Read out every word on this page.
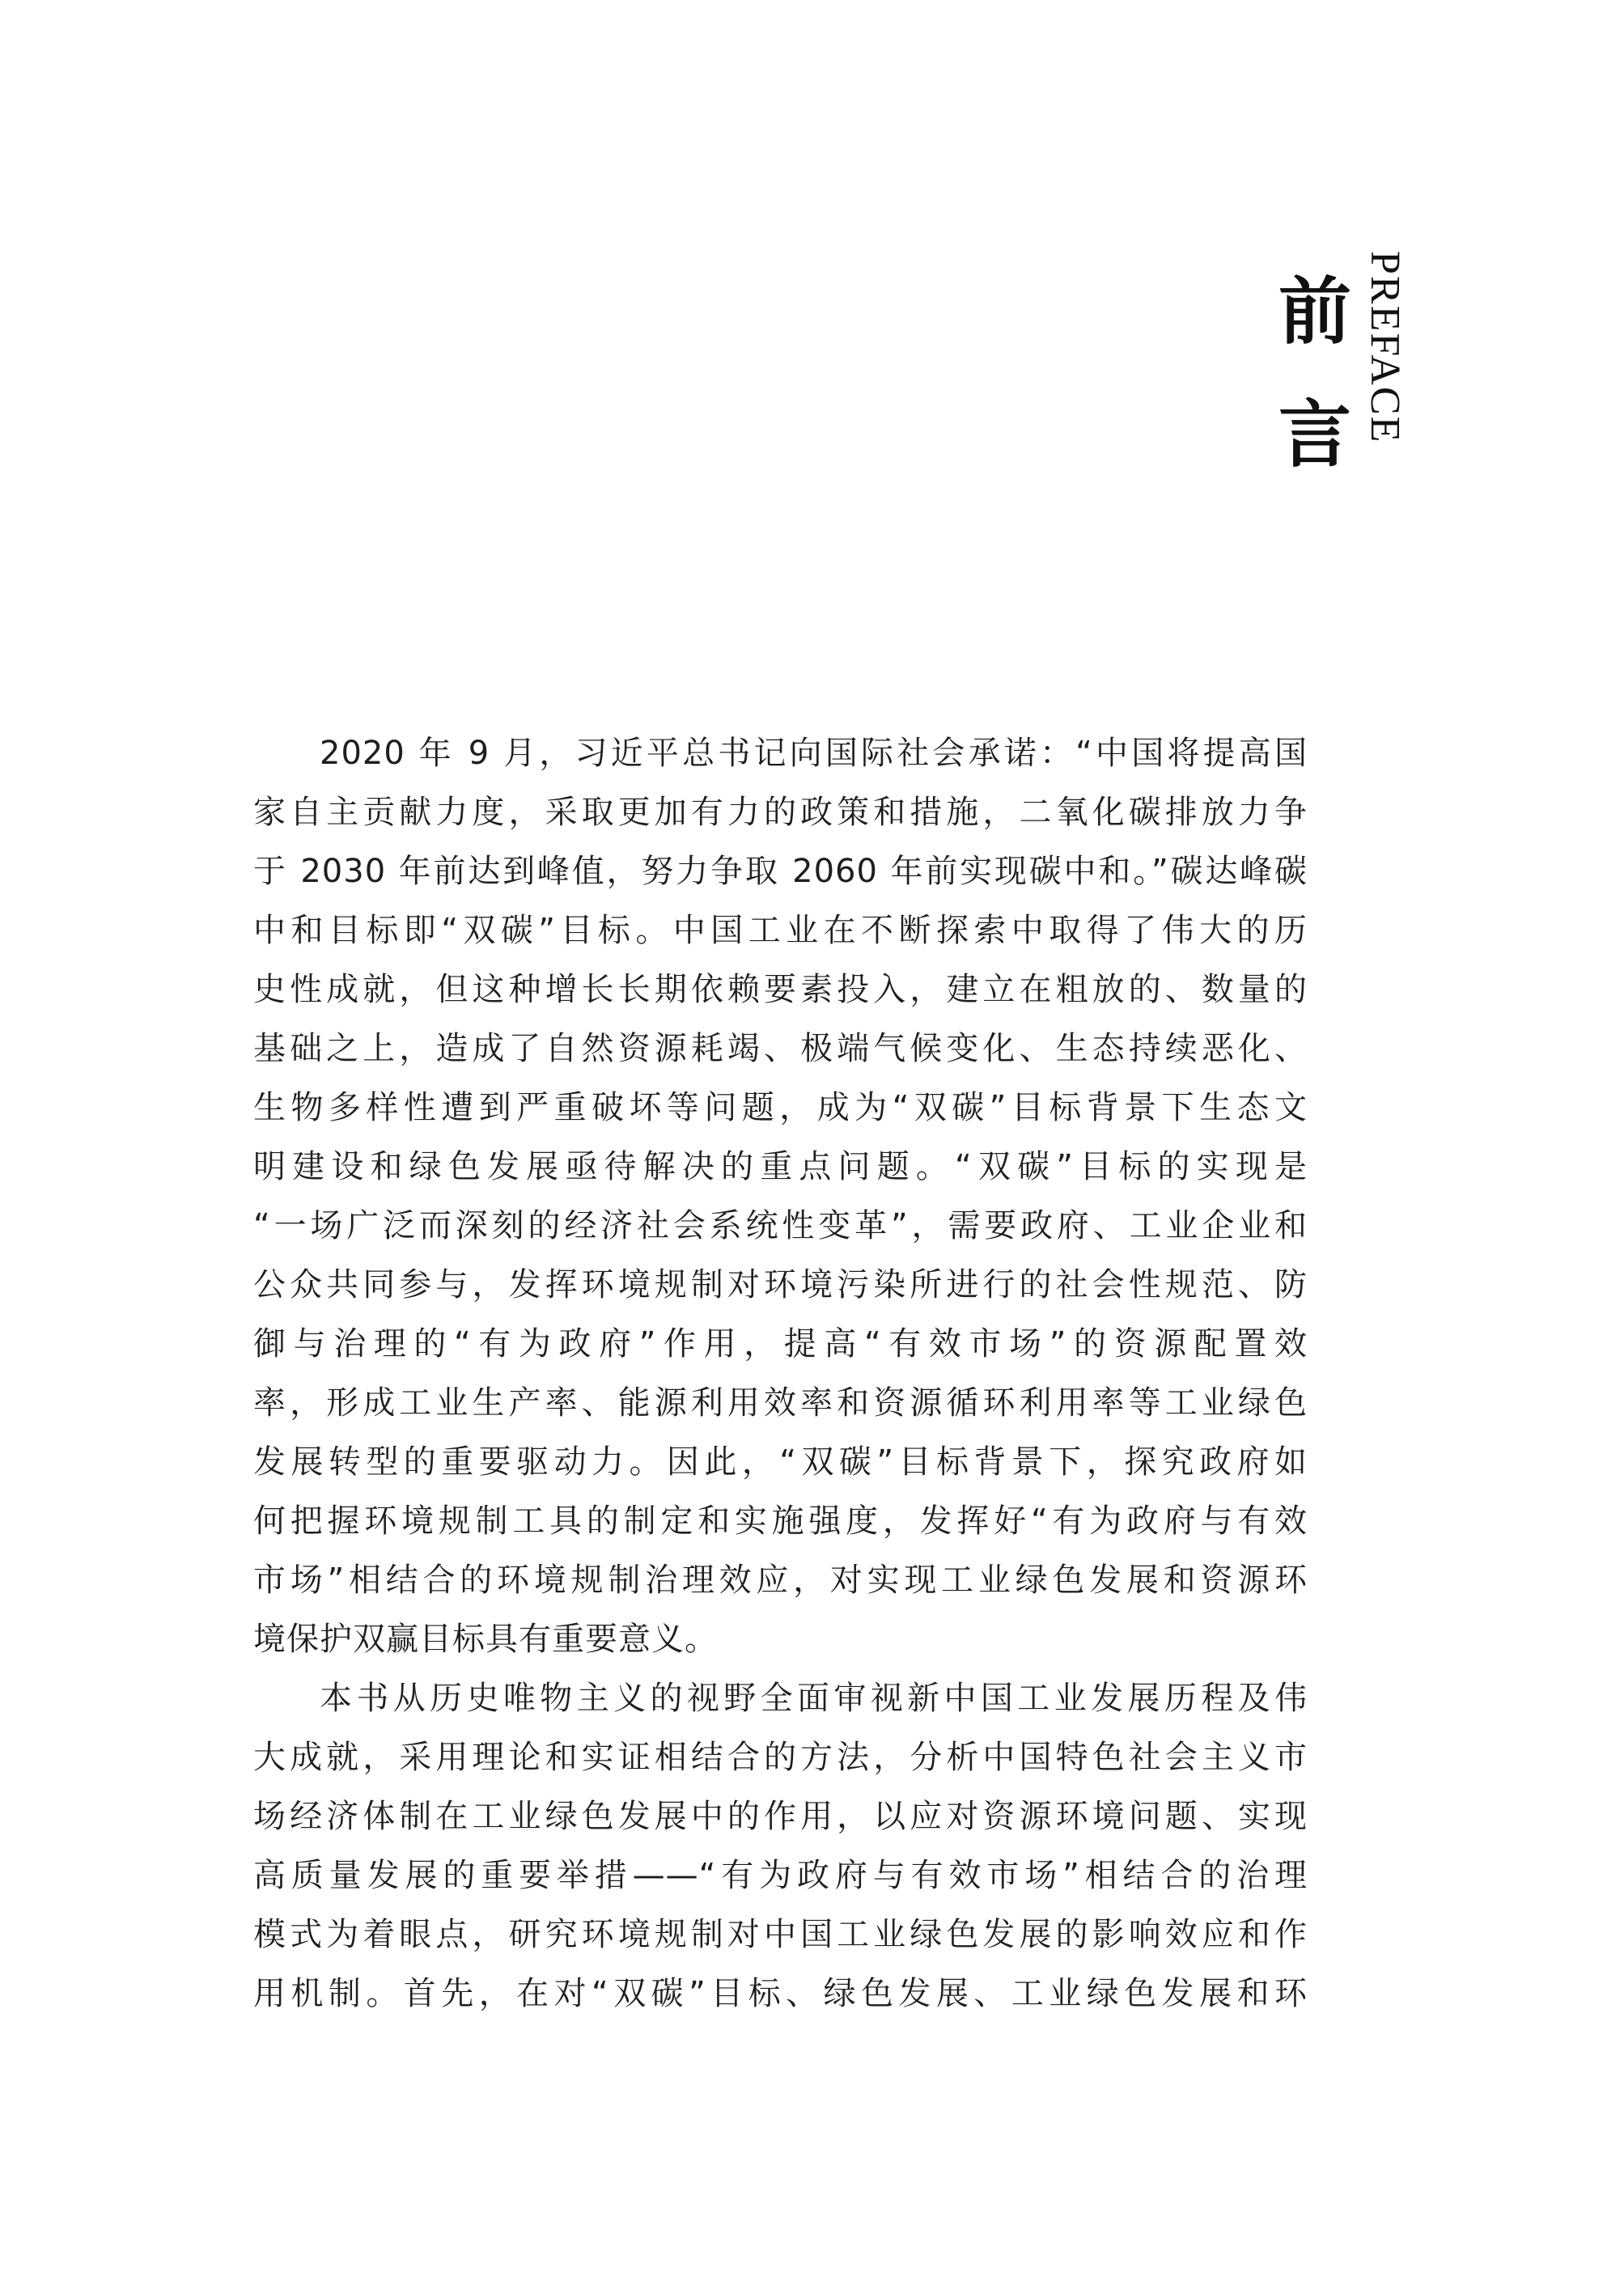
前
言 PREFACE
2020 年 9 月，习近平总书记向国际社会承诺：“中国将提高国
家自主贡献力度，采取更加有力的政策和措施，二氧化碳排放力争
于 2030 年前达到峰值，努力争取 2060 年前实现碳中和。”碳达峰碳
中和目标即“双碳”目标。中国工业在不断探索中取得了伟大的历
史性成就，但这种增长长期依赖要素投入，建立在粗放的、数量的
基础之上，造成了自然资源耗竭、极端气候变化、生态持续恶化、
生物多样性遭到严重破坏等问题，成为“双碳”目标背景下生态文
明建设和绿色发展亟待解决的重点问题。“双碳”目标的实现是
“一场广泛而深刻的经济社会系统性变革”，需要政府、工业企业和
公众共同参与，发挥环境规制对环境污染所进行的社会性规范、防
御与治理的“有为政府”作用，提高“有效市场”的资源配置效
率，形成工业生产率、能源利用效率和资源循环利用率等工业绿色
发展转型的重要驱动力。因此，“双碳”目标背景下，探究政府如
何把握环境规制工具的制定和实施强度，发挥好“有为政府与有效
市场”相结合的环境规制治理效应，对实现工业绿色发展和资源环
境保护双赢目标具有重要意义。
本书从历史唯物主义的视野全面审视新中国工业发展历程及伟
大成就，采用理论和实证相结合的方法，分析中国特色社会主义市
场经济体制在工业绿色发展中的作用，以应对资源环境问题、实现
高质量发展的重要举措——“有为政府与有效市场”相结合的治理
模式为着眼点，研究环境规制对中国工业绿色发展的影响效应和作
用机制。首先，在对“双碳”目标、绿色发展、工业绿色发展和环
